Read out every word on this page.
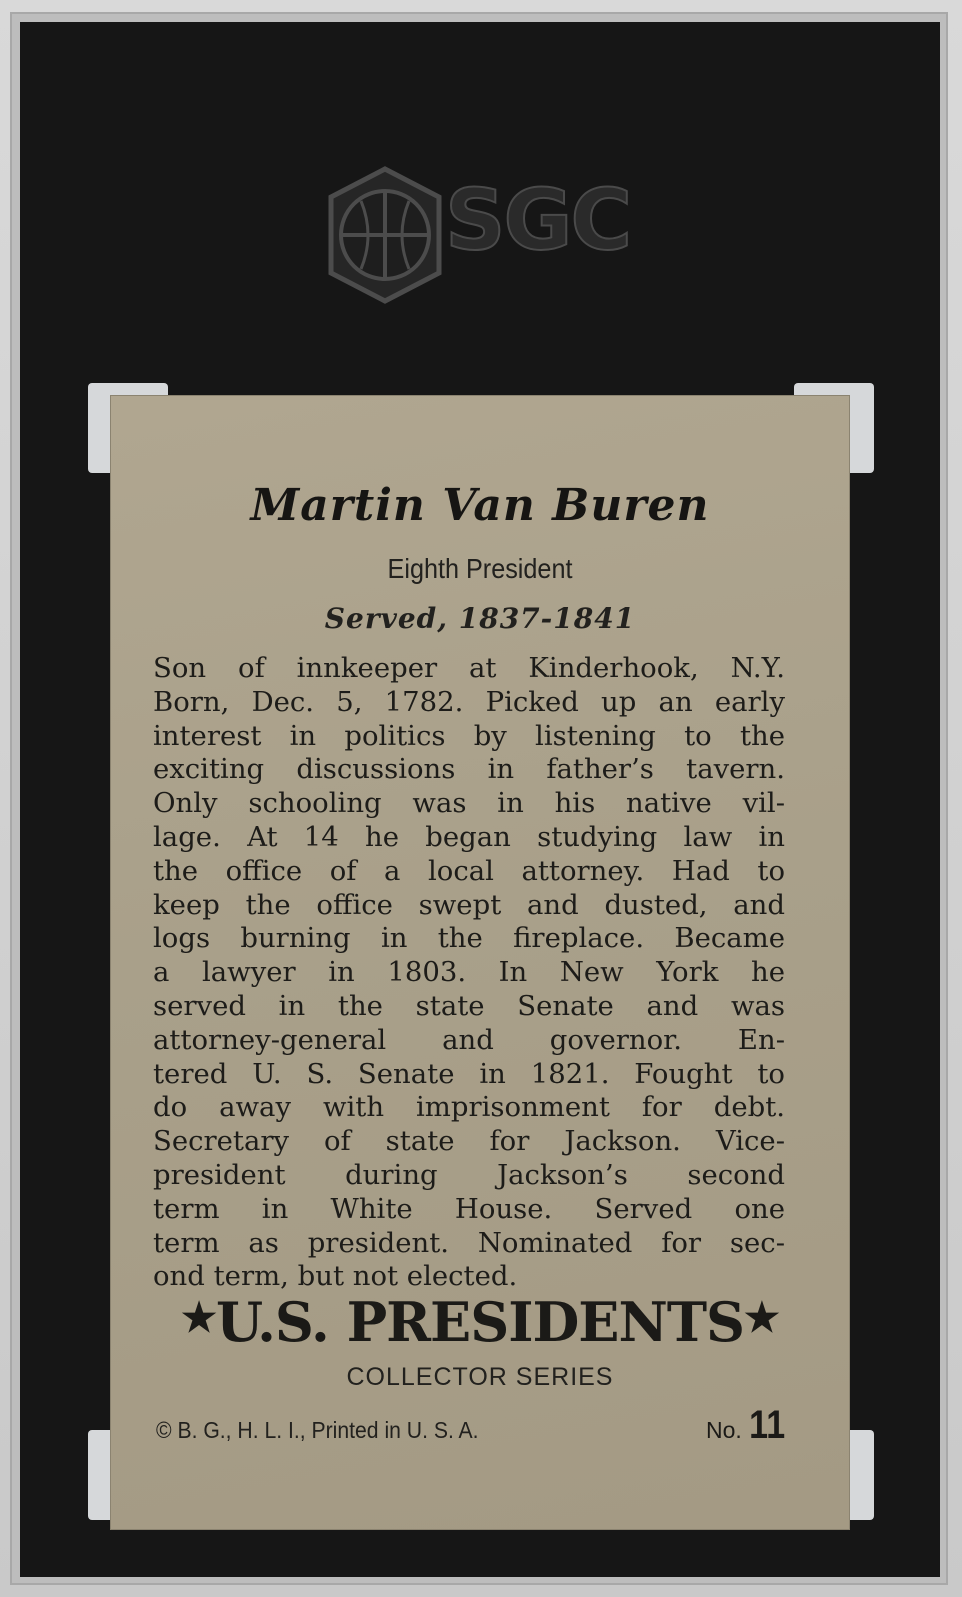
SGC
Martin Van Buren
Eighth President
Served, 1837-1841
Son of innkeeper at Kinderhook, N.Y.
Born, Dec. 5, 1782. Picked up an early
interest in politics by listening to the
exciting discussions in father’s tavern.
Only schooling was in his native vil-
lage. At 14 he began studying law in
the office of a local attorney. Had to
keep the office swept and dusted, and
logs burning in the fireplace. Became
a lawyer in 1803. In New York he
served in the state Senate and was
attorney-general and governor. En-
tered U. S. Senate in 1821. Fought to
do away with imprisonment for debt.
Secretary of state for Jackson. Vice-
president during Jackson’s second
term in White House. Served one
term as president. Nominated for sec-
ond term, but not elected.
★U.S. PRESIDENTS★
COLLECTOR SERIES
© B. G., H. L. I., Printed in U. S. A.	No. 11
